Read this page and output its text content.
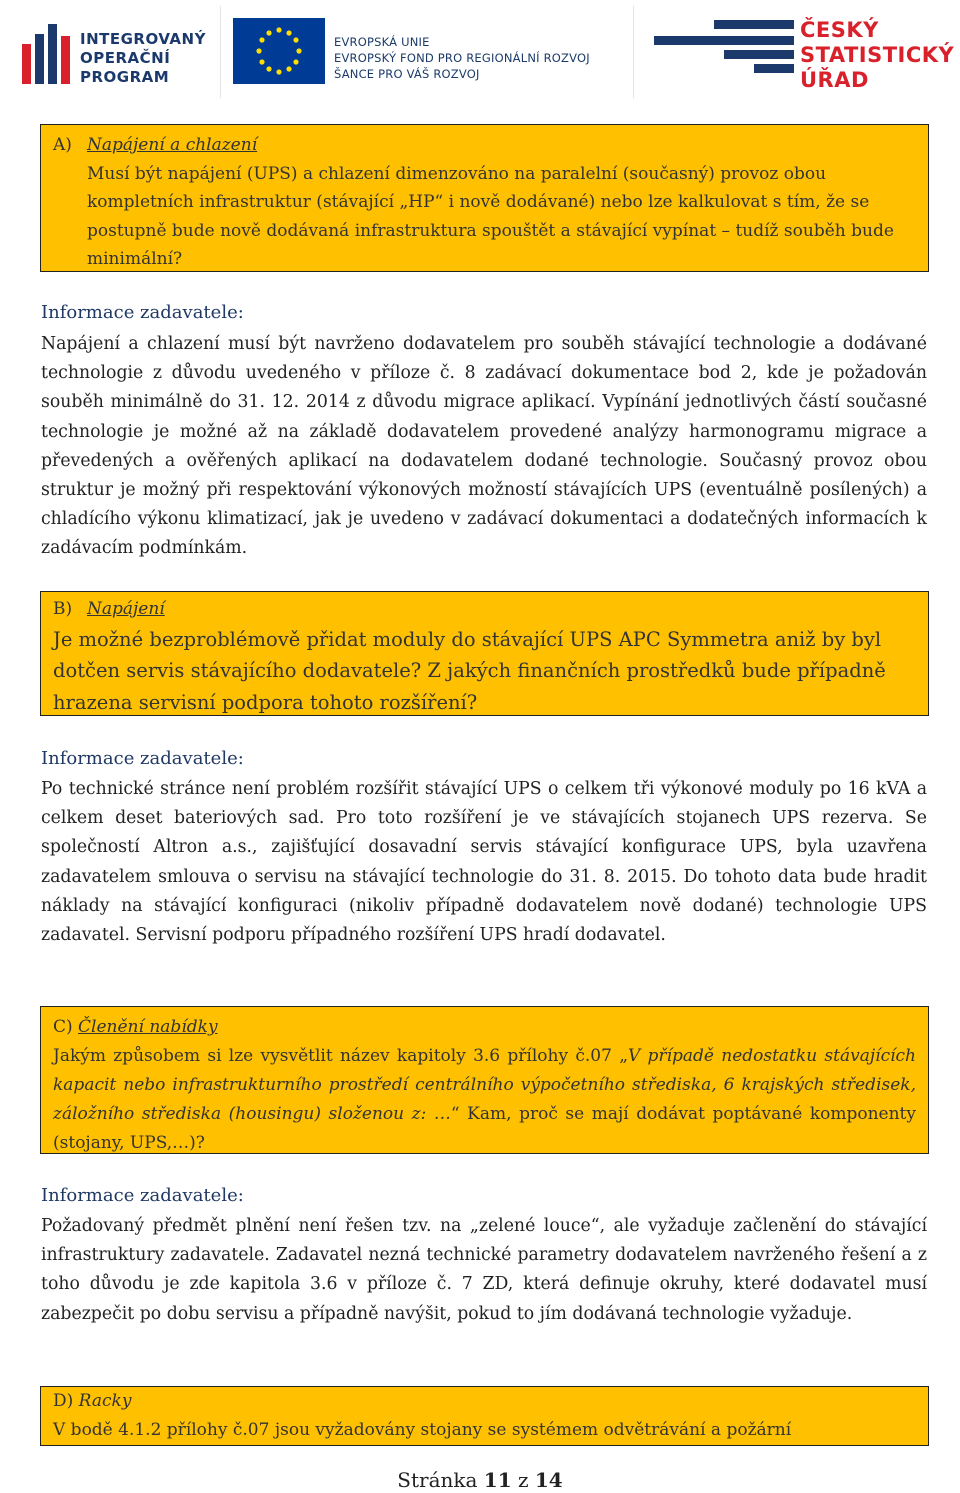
INTEGROVANÝ OPERAČNÍ PROGRAM
EVROPSKÁ UNIE
EVROPSKÝ FOND PRO REGIONÁLNÍ ROZVOJ
ŠANCE PRO VÁŠ ROZVOJ
ČESKÝ
STATISTICKÝ
ÚŘAD
A) Napájení a chlazení
Musí být napájení (UPS) a chlazení dimenzováno na paralelní (současný) provoz obou kompletních infrastruktur (stávající „HP“ i nově dodávané) nebo lze kalkulovat s tím, že se postupně bude nově dodávaná infrastruktura spouštět a stávající vypínat – tudíž souběh bude minimální?
Informace zadavatele:
Napájení a chlazení musí být navrženo dodavatelem pro souběh stávající technologie a dodávané technologie z důvodu uvedeného v příloze č. 8 zadávací dokumentace bod 2, kde je požadován souběh minimálně do 31. 12. 2014 z důvodu migrace aplikací. Vypínání jednotlivých částí současné technologie je možné až na základě dodavatelem provedené analýzy harmonogramu migrace a převedených a ověřených aplikací na dodavatelem dodané technologie. Současný provoz obou struktur je možný při respektování výkonových možností stávajících UPS (eventuálně posílených) a chladícího výkonu klimatizací, jak je uvedeno v zadávací dokumentaci a dodatečných informacích k zadávacím podmínkám.
B) Napájení
Je možné bezproblémově přidat moduly do stávající UPS APC Symmetra aniž by byl dotčen servis stávajícího dodavatele? Z jakých finančních prostředků bude případně hrazena servisní podpora tohoto rozšíření?
Informace zadavatele:
Po technické stránce není problém rozšířit stávající UPS o celkem tři výkonové moduly po 16 kVA a celkem deset bateriových sad. Pro toto rozšíření je ve stávajících stojanech UPS rezerva. Se společností Altron a.s., zajišťující dosavadní servis stávající konfigurace UPS, byla uzavřena zadavatelem smlouva o servisu na stávající technologie do 31. 8. 2015. Do tohoto data bude hradit náklady na stávající konfiguraci (nikoliv případně dodavatelem nově dodané) technologie UPS zadavatel. Servisní podporu případného rozšíření UPS hradí dodavatel.
C) Členění nabídky
Jakým způsobem si lze vysvětlit název kapitoly 3.6 přílohy č.07 „V případě nedostatku stávajících kapacit nebo infrastrukturního prostředí centrálního výpočetního střediska, 6 krajských středisek, záložního střediska (housingu) složenou z: …“ Kam, proč se mají dodávat poptávané komponenty (stojany, UPS,…)?
Informace zadavatele:
Požadovaný předmět plnění není řešen tzv. na „zelené louce“, ale vyžaduje začlenění do stávající infrastruktury zadavatele. Zadavatel nezná technické parametry dodavatelem navrženého řešení a z toho důvodu je zde kapitola 3.6 v příloze č. 7 ZD, která definuje okruhy, které dodavatel musí zabezpečit po dobu servisu a případně navýšit, pokud to jím dodávaná technologie vyžaduje.
D) Racky
V bodě 4.1.2 přílohy č.07 jsou vyžadovány stojany se systémem odvětrávání a požární
Stránka 11 z 14
